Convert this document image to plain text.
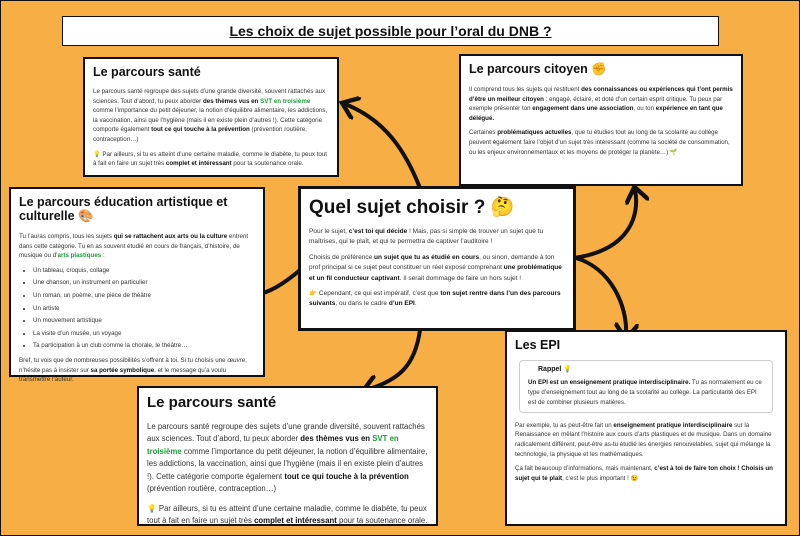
Les choix de sujet possible pour l’oral du DNB ?
Le parcours santé

Le parcours santé regroupe des sujets d’une grande diversité, souvent rattachés aux sciences. Tout d’abord, tu peux aborder des thèmes vus en SVT en troisième comme l’importance du petit déjeuner, la notion d’équilibre alimentaire, les addictions, la vaccination, ainsi que l’hygiène (mais il en existe plein d’autres !). Cette catégorie comporte également tout ce qui touche à la prévention (prévention routière, contraception…)

💡 Par ailleurs, si tu es atteint d’une certaine maladie, comme le diabète, tu peux tout à fait en faire un sujet très complet et intéressant pour ta soutenance orale.

Le parcours citoyen ✊

Il comprend tous les sujets qui restituent des connaissances ou expériences qui t’ont permis d’être un meilleur citoyen : engagé, éclairé, et doté d’un certain esprit critique. Tu peux par exemple présenter ton engagement dans une association, ou ton expérience en tant que délégué.

Certaines problématiques actuelles, que tu étudies tout au long de ta scolarité au collège peuvent également faire l’objet d’un sujet très intéressant (comme la société de consommation, ou les enjeux environnementaux et les moyens de protéger la planète…) 🌱

Le parcours éducation artistique et culturelle 🎨

Tu l’auras compris, tous les sujets qui se rattachent aux arts ou la culture entrent dans cette catégorie. Tu en as souvent étudié en cours de français, d’histoire, de musique ou d’arts plastiques :

• Un tableau, croquis, collage
• Une chanson, un instrument en particulier
• Un roman, un poème, une pièce de théâtre
• Un artiste
• Un mouvement artistique
• La visite d’un musée, un voyage
• Ta participation à un club comme la chorale, le théâtre…

Bref, tu vois que de nombreuses possibilités s’offrent à toi. Si tu choisis une œuvre, n’hésite pas à insister sur sa portée symbolique, et le message qu’a voulu transmettre l’auteur.

Quel sujet choisir ? 🤔

Pour le sujet, c’est toi qui décide ! Mais, pas si simple de trouver un sujet que tu maîtrises, qui te plaît, et qui te permettra de captiver l’auditoire !

Choisis de préférence un sujet que tu as étudié en cours, ou sinon, demande à ton prof principal si ce sujet peut constituer un réel exposé comprenant une problématique et un fil conducteur captivant. Il serait dommage de faire un hors sujet !

👉 Cependant, ce qui est impératif, c’est que ton sujet rentre dans l’un des parcours suivants, ou dans le cadre d’un EPI.

Le parcours santé

Le parcours santé regroupe des sujets d’une grande diversité, souvent rattachés aux sciences. Tout d’abord, tu peux aborder des thèmes vus en SVT en troisième comme l’importance du petit déjeuner, la notion d’équilibre alimentaire, les addictions, la vaccination, ainsi que l’hygiène (mais il en existe plein d’autres !). Cette catégorie comporte également tout ce qui touche à la prévention (prévention routière, contraception…)

💡 Par ailleurs, si tu es atteint d’une certaine maladie, comme le diabète, tu peux tout à fait en faire un sujet très complet et intéressant pour ta soutenance orale.

Les EPI
Rappel 💡

Un EPI est un enseignement pratique interdisciplinaire. Tu as normalement eu ce type d’enseignement tout au long de ta scolarité au collège. La particularité des EPI est de combiner plusieurs matières.

Par exemple, tu as peut-être fait un enseignement pratique interdisciplinaire sur la Renaissance en mêlant l’histoire aux cours d’arts plastiques et de musique. Dans un domaine radicalement différent, peut-être as-tu étudié les énergies renouvelables, sujet qui mélange la technologie, la physique et les mathématiques.

Ça fait beaucoup d’informations, mais maintenant, c’est à toi de faire ton choix ! Choisis un sujet qui te plaît, c’est le plus important ! 😉
